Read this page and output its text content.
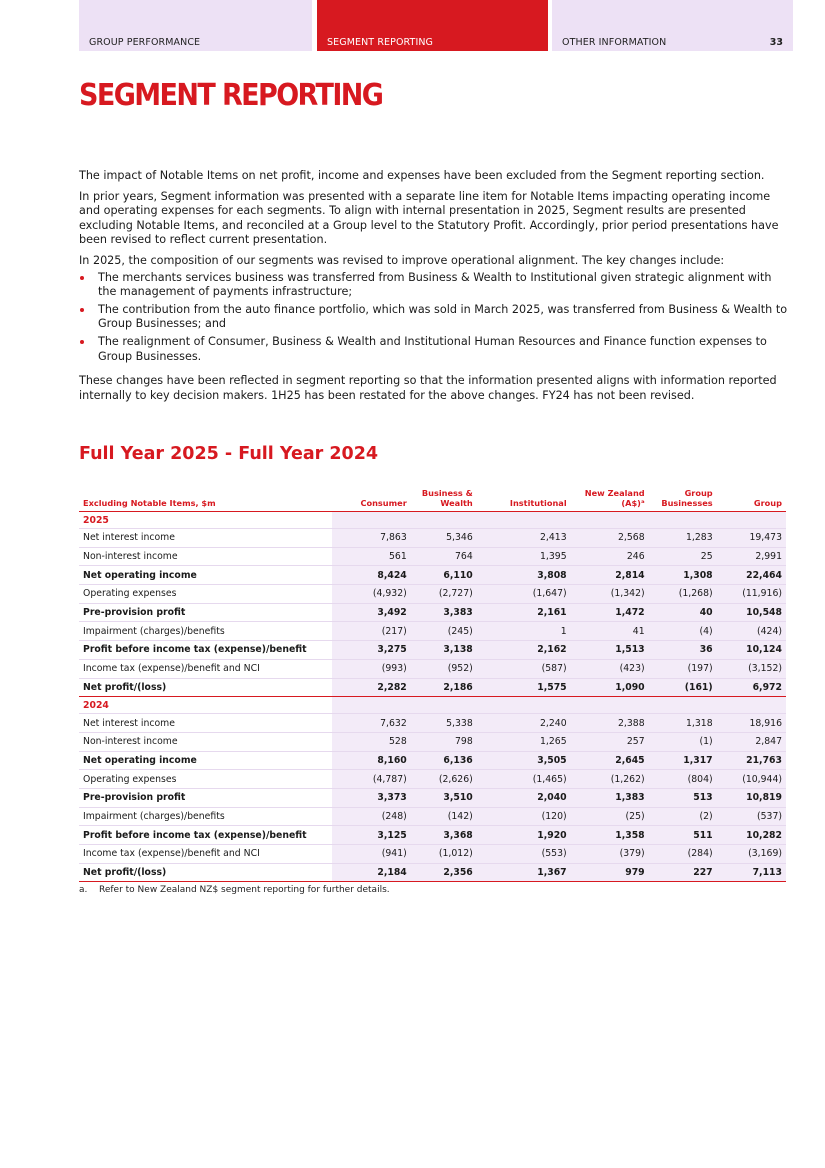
GROUP PERFORMANCE	SEGMENT REPORTING	OTHER INFORMATION	33
SEGMENT REPORTING

The impact of Notable Items on net profit, income and expenses have been excluded from the Segment reporting section.

In prior years, Segment information was presented with a separate line item for Notable Items impacting operating income and operating expenses for each segments. To align with internal presentation in 2025, Segment results are presented excluding Notable Items, and reconciled at a Group level to the Statutory Profit. Accordingly, prior period presentations have been revised to reflect current presentation.

In 2025, the composition of our segments was revised to improve operational alignment. The key changes include:

The merchants services business was transferred from Business & Wealth to Institutional given strategic alignment with the management of payments infrastructure;
The contribution from the auto finance portfolio, which was sold in March 2025, was transferred from Business & Wealth to Group Businesses; and
The realignment of Consumer, Business & Wealth and Institutional Human Resources and Finance function expenses to Group Businesses.

These changes have been reflected in segment reporting so that the information presented aligns with information reported internally to key decision makers. 1H25 has been restated for the above changes. FY24 has not been revised.

Full Year 2025 - Full Year 2024
Excluding Notable Items, $m	Consumer	Business & Wealth	Institutional	New Zealand (A$)ᵃ	Group Businesses	Group
2025						
Net interest income	7,863	5,346	2,413	2,568	1,283	19,473
Non-interest income	561	764	1,395	246	25	2,991
Net operating income	8,424	6,110	3,808	2,814	1,308	22,464
Operating expenses	(4,932)	(2,727)	(1,647)	(1,342)	(1,268)	(11,916)
Pre-provision profit	3,492	3,383	2,161	1,472	40	10,548
Impairment (charges)/benefits	(217)	(245)	1	41	(4)	(424)
Profit before income tax (expense)/benefit	3,275	3,138	2,162	1,513	36	10,124
Income tax (expense)/benefit and NCI	(993)	(952)	(587)	(423)	(197)	(3,152)
Net profit/(loss)	2,282	2,186	1,575	1,090	(161)	6,972
2024						
Net interest income	7,632	5,338	2,240	2,388	1,318	18,916
Non-interest income	528	798	1,265	257	(1)	2,847
Net operating income	8,160	6,136	3,505	2,645	1,317	21,763
Operating expenses	(4,787)	(2,626)	(1,465)	(1,262)	(804)	(10,944)
Pre-provision profit	3,373	3,510	2,040	1,383	513	10,819
Impairment (charges)/benefits	(248)	(142)	(120)	(25)	(2)	(537)
Profit before income tax (expense)/benefit	3,125	3,368	1,920	1,358	511	10,282
Income tax (expense)/benefit and NCI	(941)	(1,012)	(553)	(379)	(284)	(3,169)
Net profit/(loss)	2,184	2,356	1,367	979	227	7,113
a. Refer to New Zealand NZ$ segment reporting for further details.
